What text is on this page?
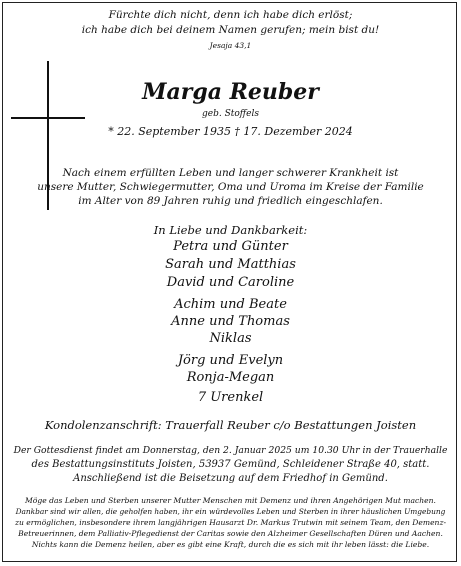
Fürchte dich nicht, denn ich habe dich erlöst;
ich habe dich bei deinem Namen gerufen; mein bist du!
Jesaja 43,1
Marga Reuber
geb. Stoffels
* 22. September 1935 † 17. Dezember 2024
Nach einem erfüllten Leben und langer schwerer Krankheit ist
unsere Mutter, Schwiegermutter, Oma und Uroma im Kreise der Familie
im Alter von 89 Jahren ruhig und friedlich eingeschlafen.
In Liebe und Dankbarkeit:
Petra und Günter
Sarah und Matthias
David und Caroline
Achim und Beate
Anne und Thomas
Niklas
Jörg und Evelyn
Ronja-Megan
7 Urenkel
Kondolenzanschrift: Trauerfall Reuber c/o Bestattungen Joisten
Der Gottesdienst findet am Donnerstag, den 2. Januar 2025 um 10.30 Uhr in der Trauerhalle
des Bestattungsinstituts Joisten, 53937 Gemünd, Schleidener Straße 40, statt.
Anschließend ist die Beisetzung auf dem Friedhof in Gemünd.
Möge das Leben und Sterben unserer Mutter Menschen mit Demenz und ihren Angehörigen Mut machen.
Dankbar sind wir allen, die geholfen haben, ihr ein würdevolles Leben und Sterben in ihrer häuslichen Umgebung
zu ermöglichen, insbesondere ihrem langjährigen Hausarzt Dr. Markus Trutwin mit seinem Team, den Demenz-
Betreuerinnen, dem Palliativ-Pflegedienst der Caritas sowie den Alzheimer Gesellschaften Düren und Aachen.
Nichts kann die Demenz heilen, aber es gibt eine Kraft, durch die es sich mit ihr leben lässt: die Liebe.
